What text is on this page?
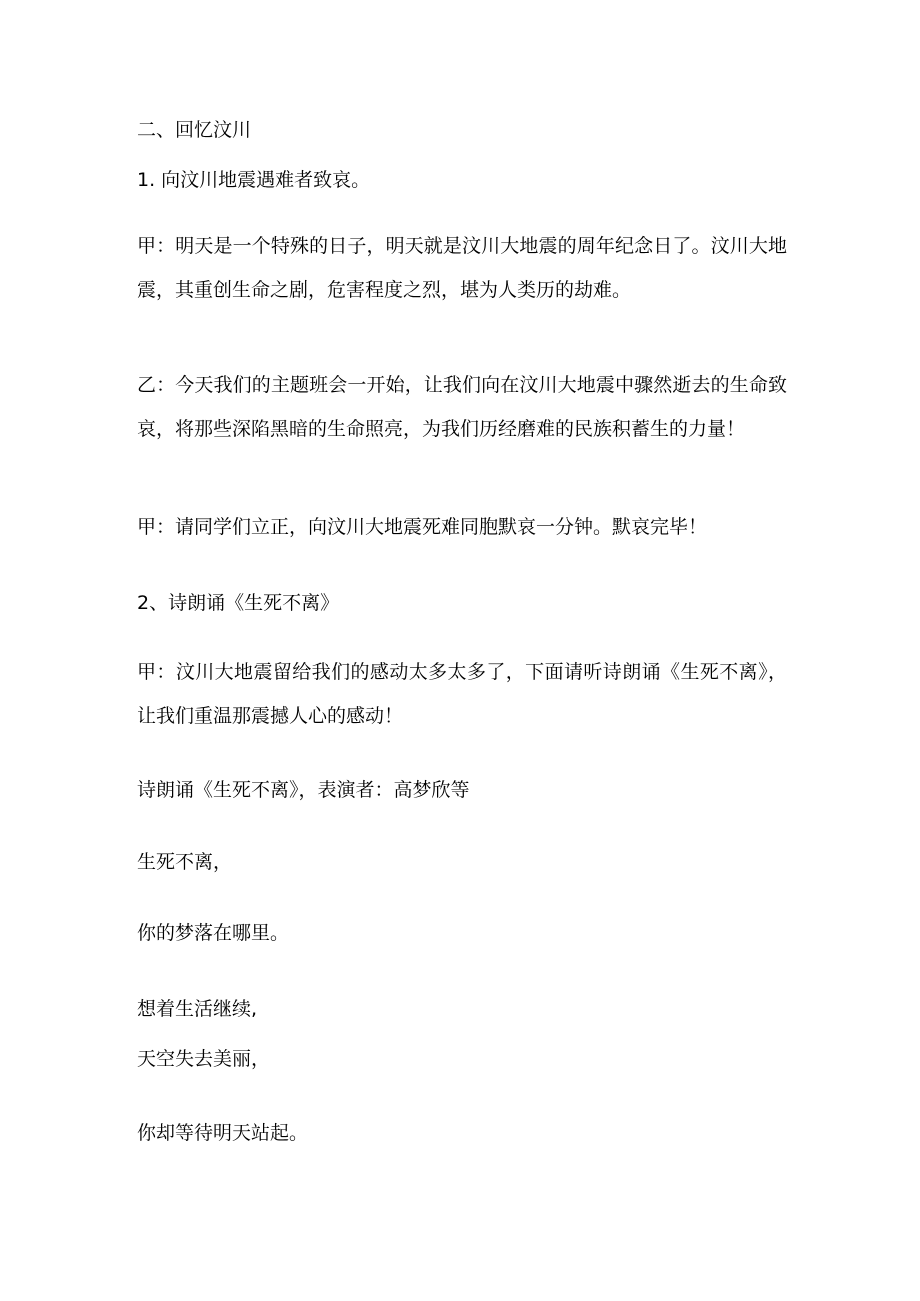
二、回忆汶川
1. 向汶川地震遇难者致哀。
甲：明天是一个特殊的日子，明天就是汶川大地震的周年纪念日了。汶川大地震，其重创生命之剧，危害程度之烈，堪为人类历的劫难。
乙：今天我们的主题班会一开始，让我们向在汶川大地震中骤然逝去的生命致哀，将那些深陷黑暗的生命照亮，为我们历经磨难的民族积蓄生的力量！
甲：请同学们立正，向汶川大地震死难同胞默哀一分钟。默哀完毕！
2、诗朗诵《生死不离》
甲：汶川大地震留给我们的感动太多太多了，下面请听诗朗诵《生死不离》，让我们重温那震撼人心的感动！
诗朗诵《生死不离》，表演者：高梦欣等
生死不离，
你的梦落在哪里。
想着生活继续,
天空失去美丽，
你却等待明天站起。
